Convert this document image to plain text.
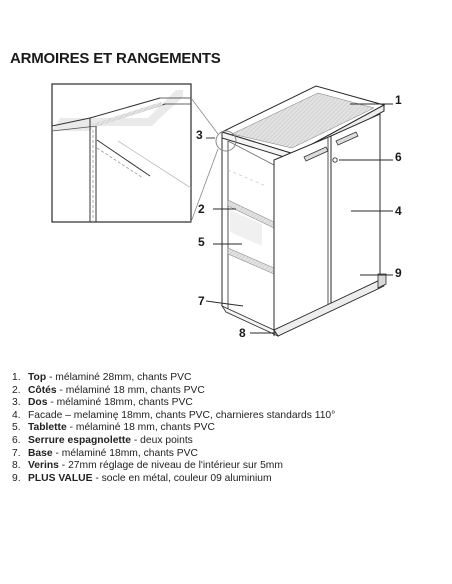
ARMOIRES ET RANGEMENTS
1
2
3
4
5
6
7
8
9
1. Top - mélaminé 28mm, chants PVC
2. Côtés - mélaminé 18 mm, chants PVC
3. Dos - mélaminé 18mm, chants PVC
4. Facade – melaminę 18mm, chants PVC, charnieres standards 110°
5. Tablette - mélaminé 18 mm, chants PVC
6. Serrure espagnolette - deux points
7. Base - mélaminé 18mm, chants PVC
8. Verins - 27mm réglage de niveau de l'intérieur sur 5mm
9. PLUS VALUE - socle en métal, couleur 09 aluminium
